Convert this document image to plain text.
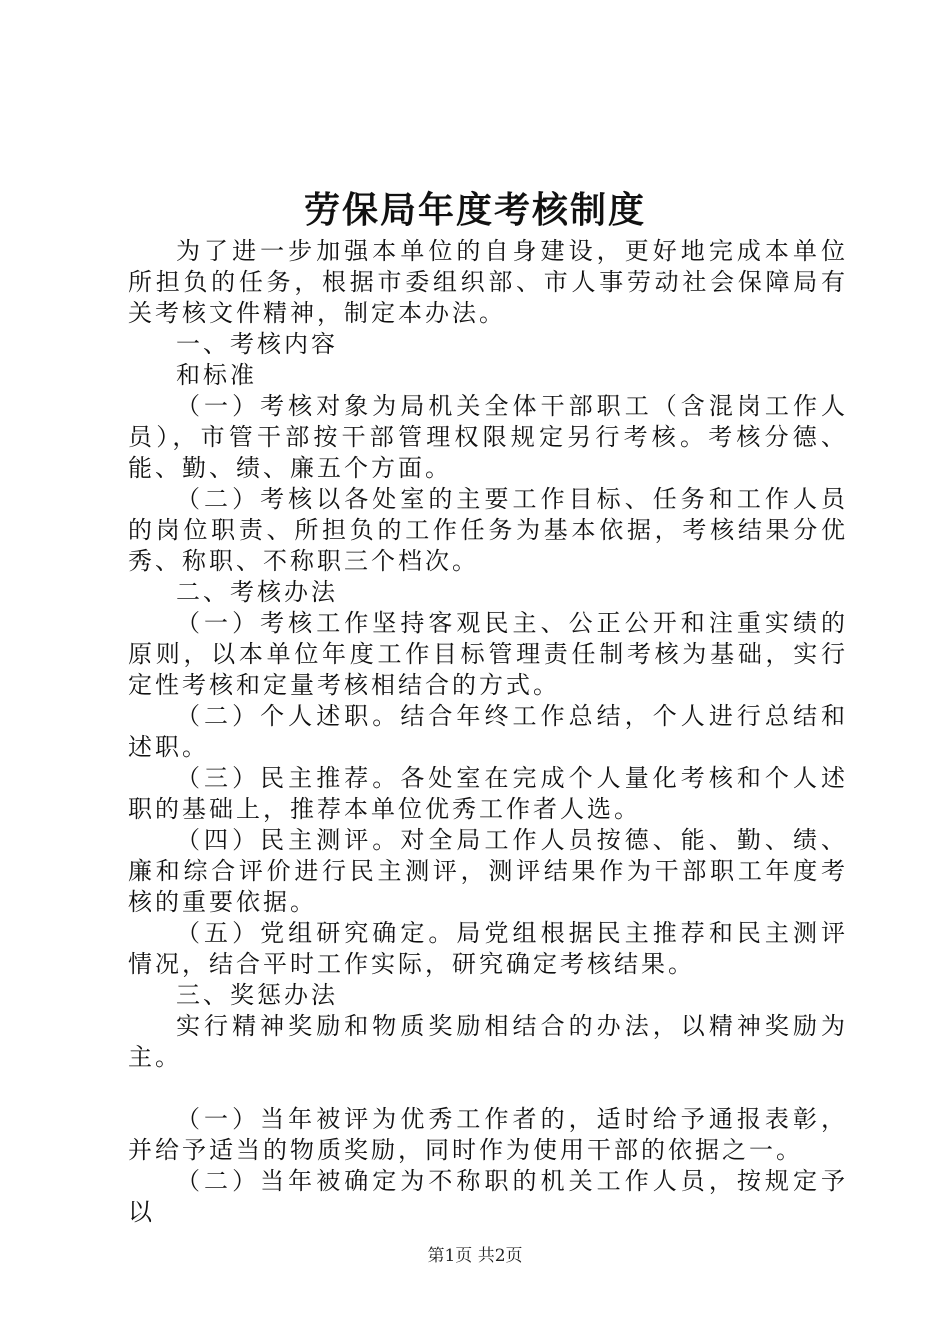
劳保局年度考核制度

为了进一步加强本单位的自身建设，更好地完成本单位所担负的任务，根据市委组织部、市人事劳动社会保障局有关考核文件精神，制定本办法。

一、考核内容

和标准

（一）考核对象为局机关全体干部职工（含混岗工作人员），市管干部按干部管理权限规定另行考核。考核分德、能、勤、绩、廉五个方面。

（二）考核以各处室的主要工作目标、任务和工作人员的岗位职责、所担负的工作任务为基本依据，考核结果分优秀、称职、不称职三个档次。

二、考核办法

（一）考核工作坚持客观民主、公正公开和注重实绩的原则，以本单位年度工作目标管理责任制考核为基础，实行定性考核和定量考核相结合的方式。

（二）个人述职。结合年终工作总结，个人进行总结和述职。

（三）民主推荐。各处室在完成个人量化考核和个人述职的基础上，推荐本单位优秀工作者人选。

（四）民主测评。对全局工作人员按德、能、勤、绩、廉和综合评价进行民主测评，测评结果作为干部职工年度考核的重要依据。

（五）党组研究确定。局党组根据民主推荐和民主测评情况，结合平时工作实际，研究确定考核结果。

三、奖惩办法

实行精神奖励和物质奖励相结合的办法，以精神奖励为主。

（一）当年被评为优秀工作者的，适时给予通报表彰，并给予适当的物质奖励，同时作为使用干部的依据之一。

（二）当年被确定为不称职的机关工作人员，按规定予以

第1页 共2页
